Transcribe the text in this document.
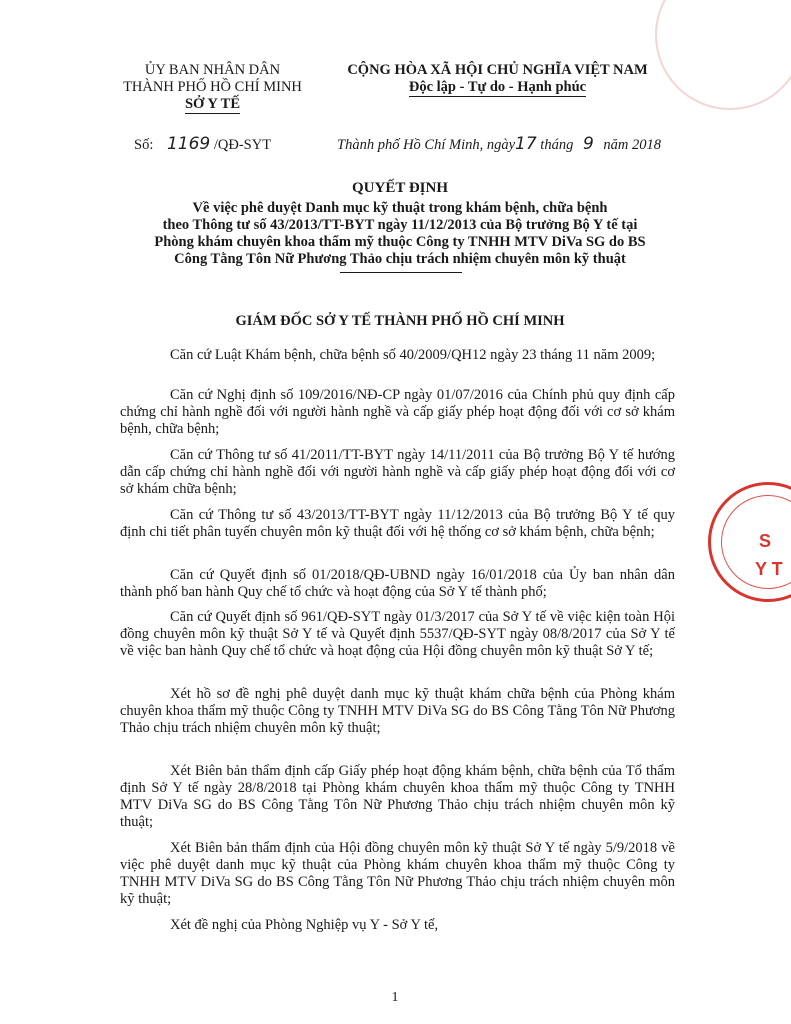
ỦY BAN NHÂN DÂN
THÀNH PHỐ HỒ CHÍ MINH
SỞ Y TẾ
CỘNG HÒA XÃ HỘI CHỦ NGHĨA VIỆT NAM
Độc lập - Tự do - Hạnh phúc
Số: 1169 /QĐ-SYT	Thành phố Hồ Chí Minh, ngày17 tháng 9 năm 2018
QUYẾT ĐỊNH
Về việc phê duyệt Danh mục kỹ thuật trong khám bệnh, chữa bệnh
theo Thông tư số 43/2013/TT-BYT ngày 11/12/2013 của Bộ trưởng Bộ Y tế tại
Phòng khám chuyên khoa thẩm mỹ thuộc Công ty TNHH MTV DiVa SG do BS
Công Tằng Tôn Nữ Phương Thảo chịu trách nhiệm chuyên môn kỹ thuật
GIÁM ĐỐC SỞ Y TẾ THÀNH PHỐ HỒ CHÍ MINH
Căn cứ Luật Khám bệnh, chữa bệnh số 40/2009/QH12 ngày 23 tháng 11 năm 2009;
Căn cứ Nghị định số 109/2016/NĐ-CP ngày 01/07/2016 của Chính phủ quy định cấp chứng chỉ hành nghề đối với người hành nghề và cấp giấy phép hoạt động đối với cơ sở khám bệnh, chữa bệnh;
Căn cứ Thông tư số 41/2011/TT-BYT ngày 14/11/2011 của Bộ trưởng Bộ Y tế hướng dẫn cấp chứng chỉ hành nghề đối với người hành nghề và cấp giấy phép hoạt động đối với cơ sở khám chữa bệnh;
Căn cứ Thông tư số 43/2013/TT-BYT ngày 11/12/2013 của Bộ trưởng Bộ Y tế quy định chi tiết phân tuyến chuyên môn kỹ thuật đối với hệ thống cơ sở khám bệnh, chữa bệnh;
Căn cứ Quyết định số 01/2018/QĐ-UBND ngày 16/01/2018 của Ủy ban nhân dân thành phố ban hành Quy chế tổ chức và hoạt động của Sở Y tế thành phố;
Căn cứ Quyết định số 961/QĐ-SYT ngày 01/3/2017 của Sở Y tế về việc kiện toàn Hội đồng chuyên môn kỹ thuật Sở Y tế và Quyết định 5537/QĐ-SYT ngày 08/8/2017 của Sở Y tế về việc ban hành Quy chế tổ chức và hoạt động của Hội đồng chuyên môn kỹ thuật Sở Y tế;
Xét hồ sơ đề nghị phê duyệt danh mục kỹ thuật khám chữa bệnh của Phòng khám chuyên khoa thẩm mỹ thuộc Công ty TNHH MTV DiVa SG do BS Công Tằng Tôn Nữ Phương Thảo chịu trách nhiệm chuyên môn kỹ thuật;
Xét Biên bản thẩm định cấp Giấy phép hoạt động khám bệnh, chữa bệnh của Tổ thẩm định Sở Y tế ngày 28/8/2018 tại Phòng khám chuyên khoa thẩm mỹ thuộc Công ty TNHH MTV DiVa SG do BS Công Tằng Tôn Nữ Phương Thảo chịu trách nhiệm chuyên môn kỹ thuật;
Xét Biên bản thẩm định của Hội đồng chuyên môn kỹ thuật Sở Y tế ngày 5/9/2018 về việc phê duyệt danh mục kỹ thuật của Phòng khám chuyên khoa thẩm mỹ thuộc Công ty TNHH MTV DiVa SG do BS Công Tằng Tôn Nữ Phương Thảo chịu trách nhiệm chuyên môn kỹ thuật;
Xét đề nghị của Phòng Nghiệp vụ Y - Sở Y tế,
S
Y T
1
